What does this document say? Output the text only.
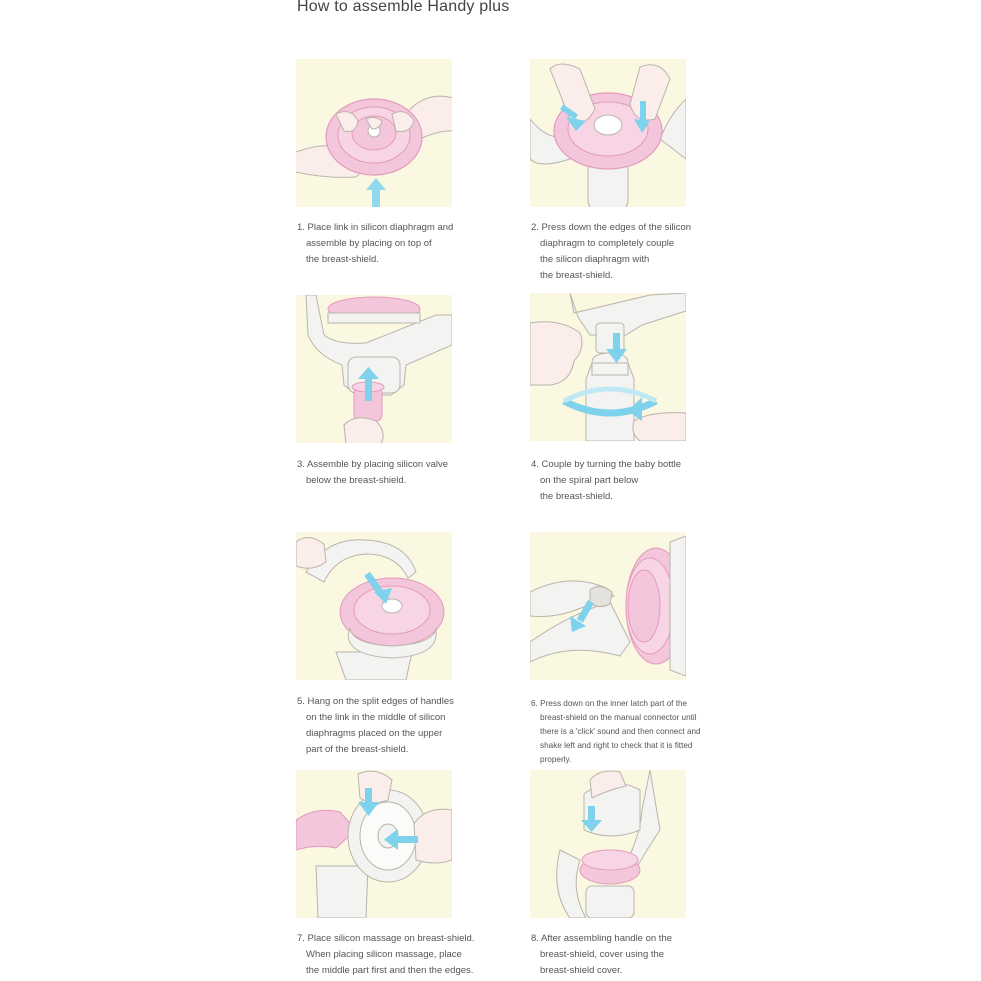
How to assemble Handy plus
1. Place link in silicon diaphragm and
assemble by placing on top of
the breast-shield.
2. Press down the edges of the silicon
diaphragm to completely couple
the silicon diaphragm with
the breast-shield.
3. Assemble by placing silicon valve
below the breast-shield.
4. Couple by turning the baby bottle
on the spiral part below
the breast-shield.
5. Hang on the split edges of handles
on the link in the middle of silicon
diaphragms placed on the upper
part of the breast-shield.
6. Press down on the inner latch part of the
breast-shield on the manual connector until
there is a 'click' sound and then connect and
shake left and right to check that it is fitted
properly.
7. Place silicon massage on breast-shield.
When placing silicon massage, place
the middle part first and then the edges.
8. After assembling handle on the
breast-shield, cover using the
breast-shield cover.
